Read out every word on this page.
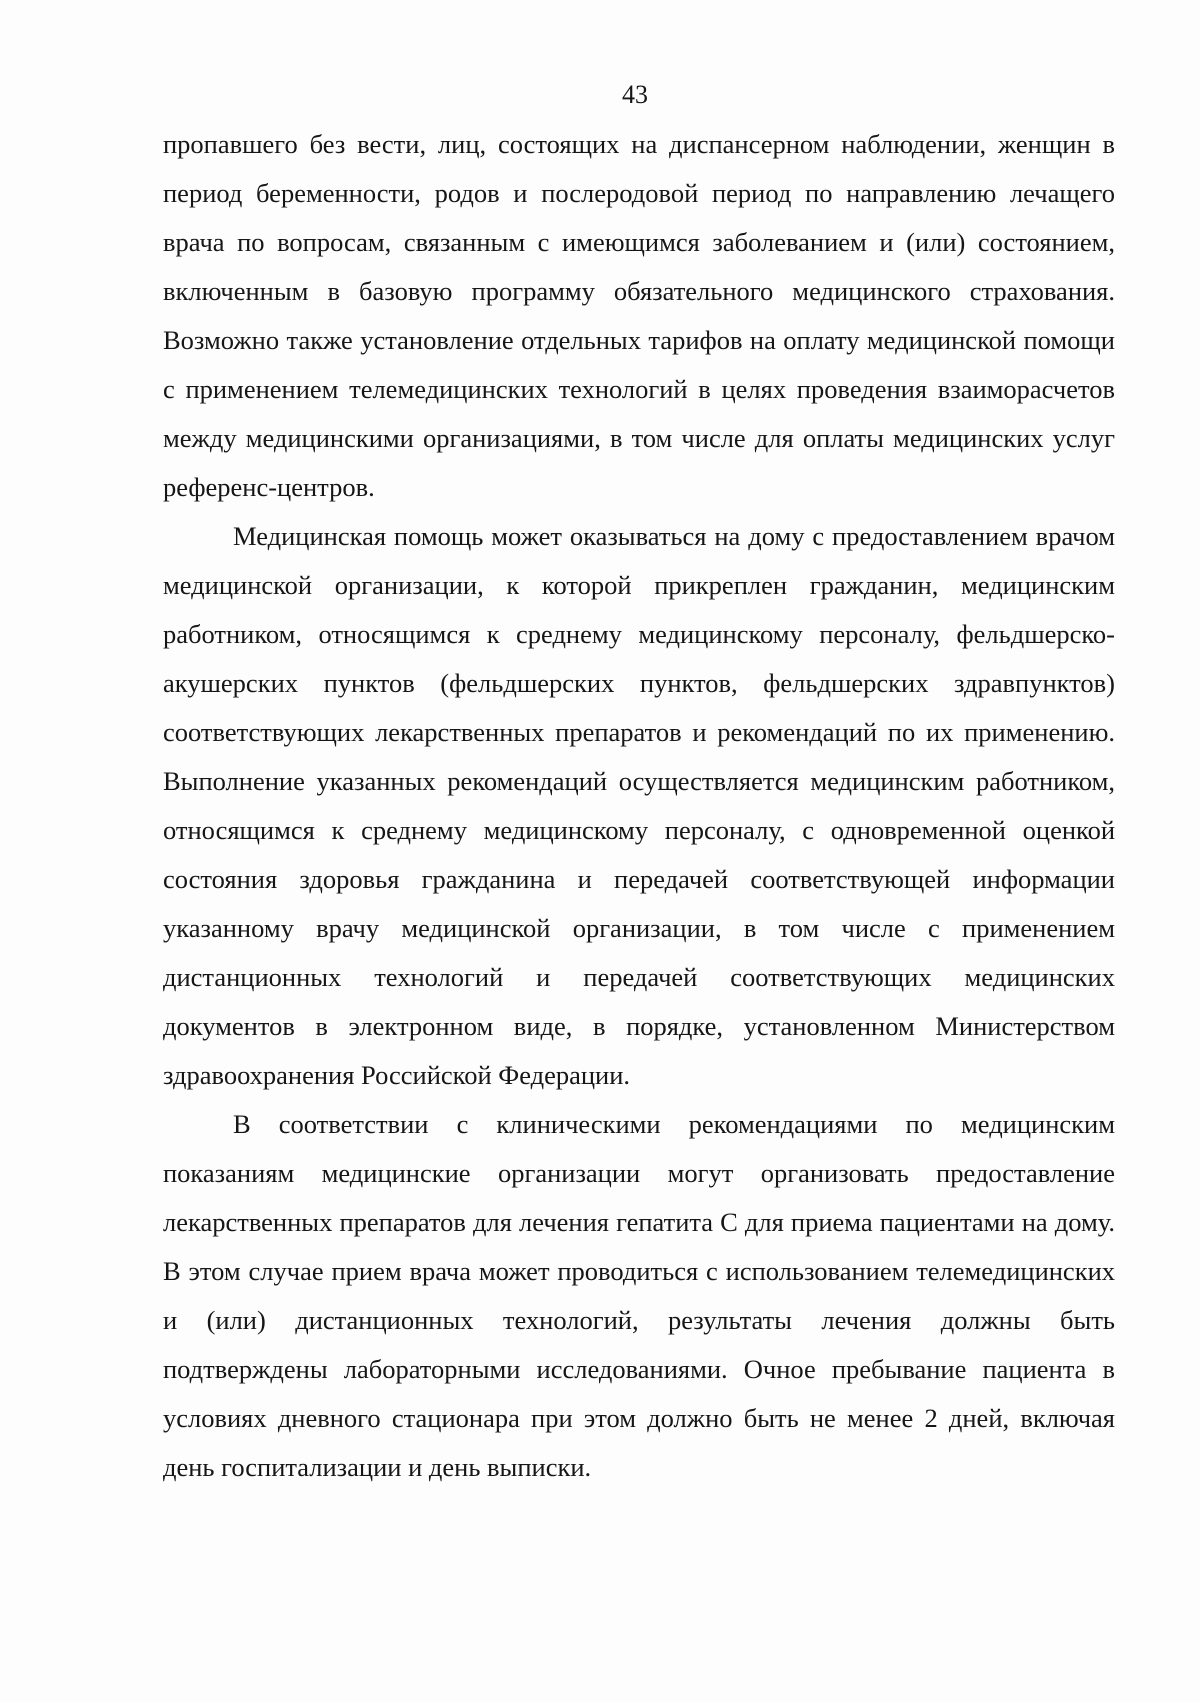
43

пропавшего без вести, лиц, состоящих на диспансерном наблюдении, женщин в период беременности, родов и послеродовой период по направлению лечащего врача по вопросам, связанным с имеющимся заболеванием и (или) состоянием, включенным в базовую программу обязательного медицинского страхования. Возможно также установление отдельных тарифов на оплату медицинской помощи с применением телемедицинских технологий в целях проведения взаиморасчетов между медицинскими организациями, в том числе для оплаты медицинских услуг референс-центров.

Медицинская помощь может оказываться на дому с предоставлением врачом медицинской организации, к которой прикреплен гражданин, медицинским работником, относящимся к среднему медицинскому персоналу, фельдшерско-акушерских пунктов (фельдшерских пунктов, фельдшерских здравпунктов) соответствующих лекарственных препаратов и рекомендаций по их применению. Выполнение указанных рекомендаций осуществляется медицинским работником, относящимся к среднему медицинскому персоналу, с одновременной оценкой состояния здоровья гражданина и передачей соответствующей информации указанному врачу медицинской организации, в том числе с применением дистанционных технологий и передачей соответствующих медицинских документов в электронном виде, в порядке, установленном Министерством здравоохранения Российской Федерации.

В соответствии с клиническими рекомендациями по медицинским показаниям медицинские организации могут организовать предоставление лекарственных препаратов для лечения гепатита С для приема пациентами на дому. В этом случае прием врача может проводиться с использованием телемедицинских и (или) дистанционных технологий, результаты лечения должны быть подтверждены лабораторными исследованиями. Очное пребывание пациента в условиях дневного стационара при этом должно быть не менее 2 дней, включая день госпитализации и день выписки.
